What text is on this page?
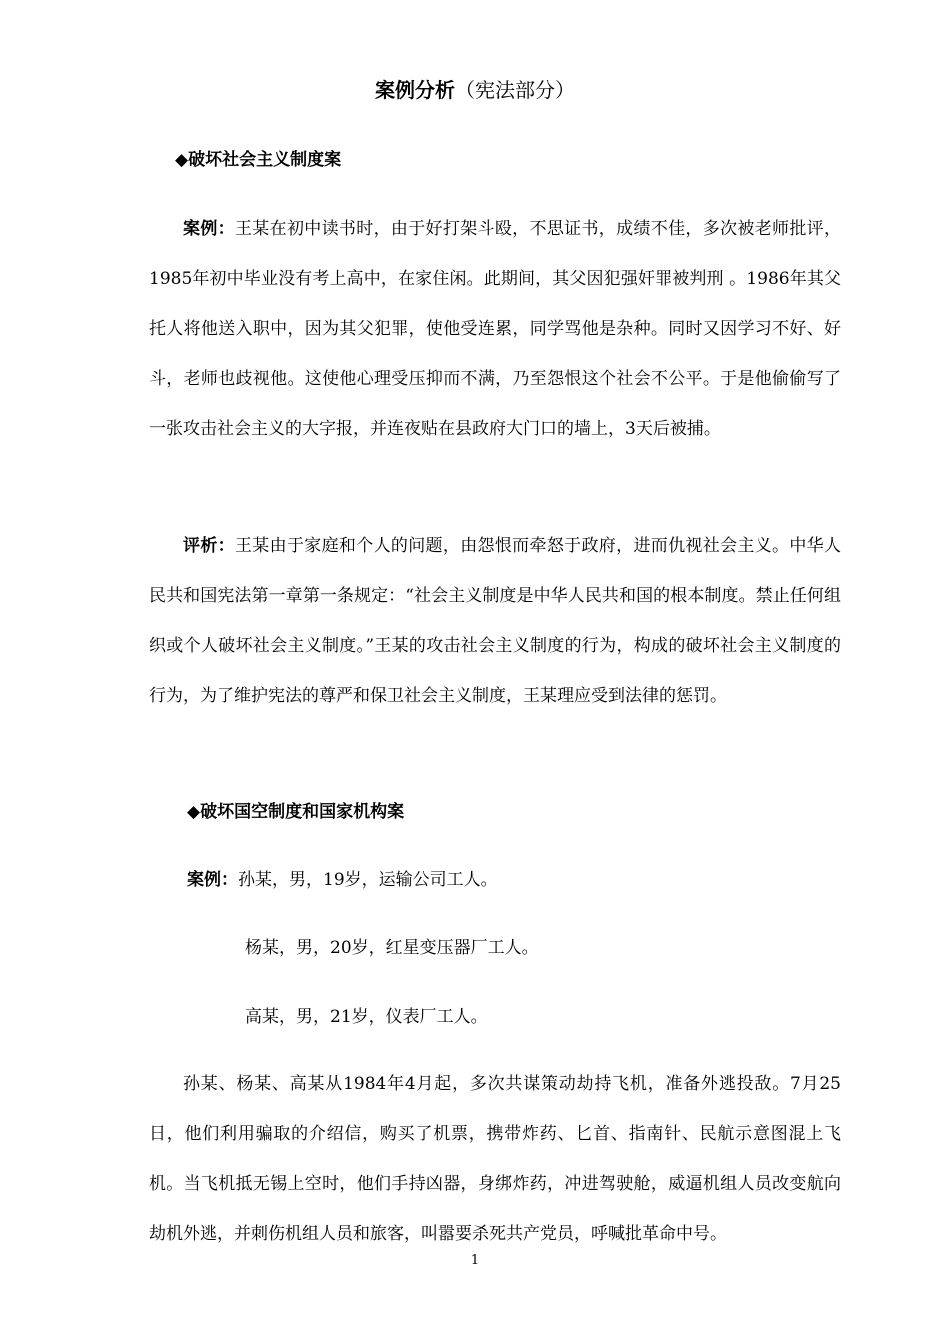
案例分析（宪法部分）
◆破坏社会主义制度案

案例：王某在初中读书时，由于好打架斗殴，不思证书，成绩不佳，多次被老师批评，1985年初中毕业没有考上高中，在家住闲。此期间，其父因犯强奸罪被判刑 。1986年其父托人将他送入职中，因为其父犯罪，使他受连累，同学骂他是杂种。同时又因学习不好、好斗，老师也歧视他。这使他心理受压抑而不满，乃至怨恨这个社会不公平。于是他偷偷写了一张攻击社会主义的大字报，并连夜贴在县政府大门口的墙上，3天后被捕。

评析：王某由于家庭和个人的问题，由怨恨而牵怒于政府，进而仇视社会主义。中华人民共和国宪法第一章第一条规定：“社会主义制度是中华人民共和国的根本制度。禁止任何组织或个人破坏社会主义制度。”王某的攻击社会主义制度的行为，构成的破坏社会主义制度的行为，为了维护宪法的尊严和保卫社会主义制度，王某理应受到法律的惩罚。

◆破坏国空制度和国家机构案
案例：孙某，男，19岁，运输公司工人。
杨某，男，20岁，红星变压器厂工人。
高某，男，21岁，仪表厂工人。

孙某、杨某、高某从1984年4月起，多次共谋策动劫持飞机，准备外逃投敌。7月25日，他们利用骗取的介绍信，购买了机票，携带炸药、匕首、指南针、民航示意图混上飞机。当飞机抵无锡上空时，他们手持凶器，身绑炸药，冲进驾驶舱，威逼机组人员改变航向劫机外逃，并刺伤机组人员和旅客，叫嚣要杀死共产党员，呼喊批革命中号。

1
